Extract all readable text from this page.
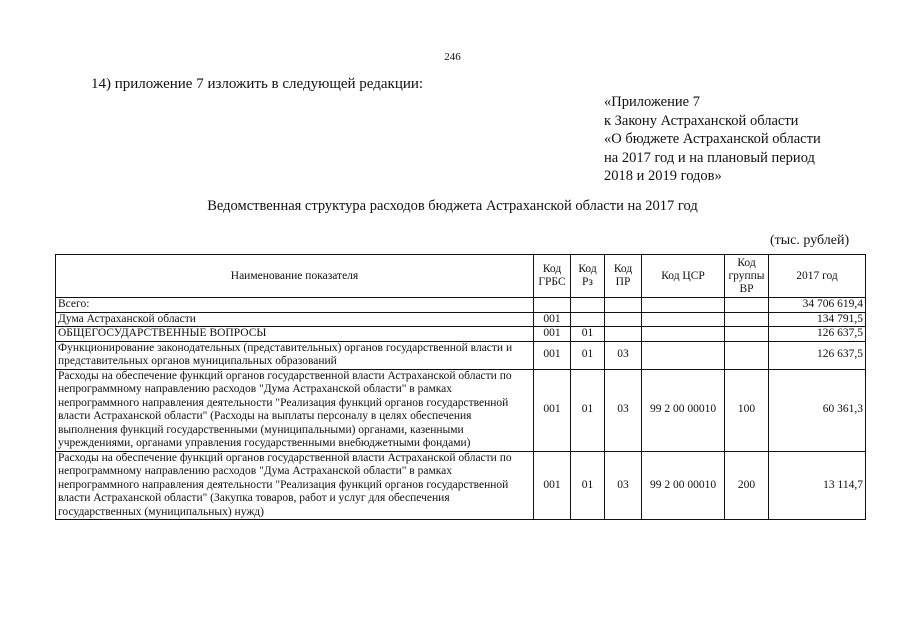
246
14) приложение 7 изложить в следующей редакции:
«Приложение 7
к Закону Астраханской области
«О бюджете Астраханской области
на 2017 год и на плановый период
2018 и 2019 годов»
Ведомственная структура расходов бюджета Астраханской области на 2017 год
(тыс. рублей)
Наименование показателя	Код ГРБС	Код Рз	Код ПР	Код ЦСР	Код группы ВР	2017 год
Всего:						34 706 619,4
Дума Астраханской области	001					134 791,5
ОБЩЕГОСУДАРСТВЕННЫЕ ВОПРОСЫ	001	01				126 637,5
Функционирование законодательных (представительных) органов государственной власти и представительных органов муниципальных образований	001	01	03			126 637,5
Расходы на обеспечение функций органов государственной власти Астраханской области по непрограммному направлению расходов "Дума Астраханской области" в рамках непрограммного направления деятельности "Реализация функций органов государственной власти Астраханской области" (Расходы на выплаты персоналу в целях обеспечения выполнения функций государственными (муниципальными) органами, казенными учреждениями, органами управления государственными внебюджетными фондами)	001	01	03	99 2 00 00010	100	60 361,3
Расходы на обеспечение функций органов государственной власти Астраханской области по непрограммному направлению расходов "Дума Астраханской области" в рамках непрограммного направления деятельности "Реализация функций органов государственной власти Астраханской области" (Закупка товаров, работ и услуг для обеспечения государственных (муниципальных) нужд)	001	01	03	99 2 00 00010	200	13 114,7
